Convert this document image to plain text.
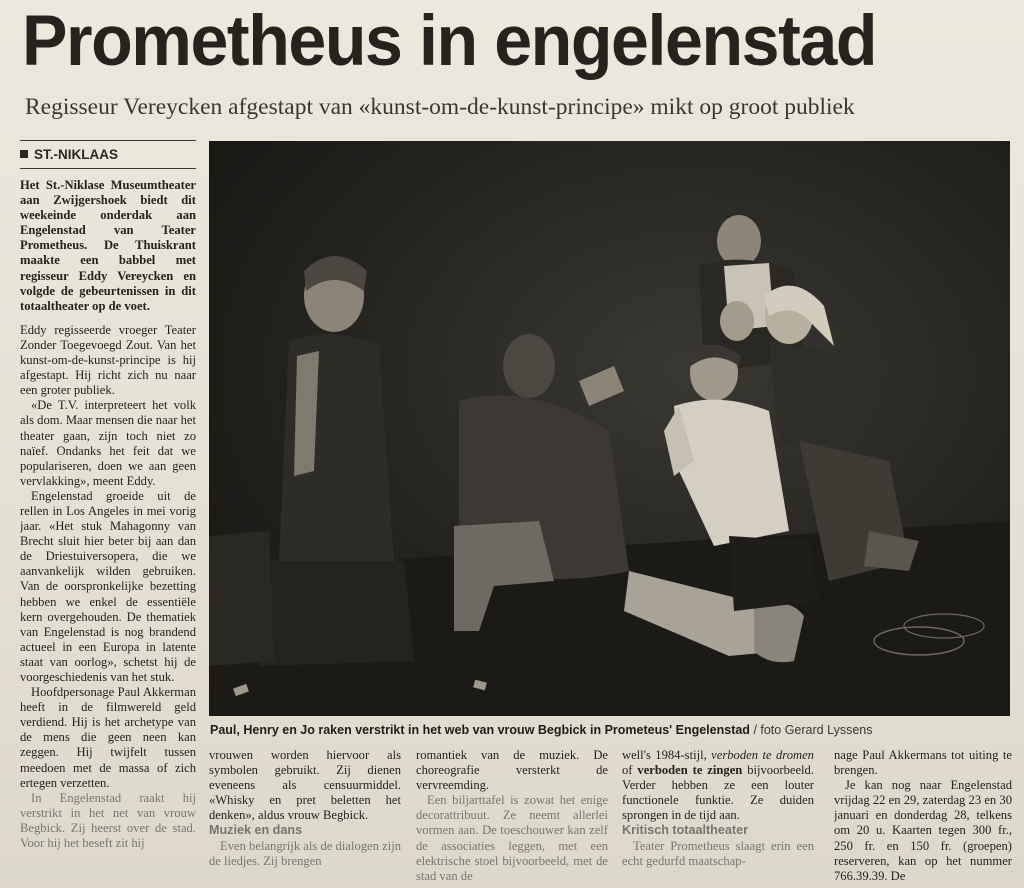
Prometheus in engelenstad
Regisseur Vereycken afgestapt van «kunst-om-de-kunst-principe» mikt op groot publiek
ST.-NIKLAAS

Het St.-Niklase Museumtheater aan Zwijgershoek biedt dit weekeinde onderdak aan Engelenstad van Teater Prometheus. De Thuiskrant maakte een babbel met regisseur Eddy Vereycken en volgde de gebeurtenissen in dit totaaltheater op de voet.

Eddy regisseerde vroeger Teater Zonder Toegevoegd Zout. Van het kunst-om-de-kunst-principe is hij afgestapt. Hij richt zich nu naar een groter publiek.

«De T.V. interpreteert het volk als dom. Maar mensen die naar het theater gaan, zijn toch niet zo naïef. Ondanks het feit dat we populariseren, doen we aan geen vervlakking», meent Eddy.

Engelenstad groeide uit de rellen in Los Angeles in mei vorig jaar. «Het stuk Mahagonny van Brecht sluit hier beter bij aan dan de Driestuiversopera, die we aanvankelijk wilden gebruiken. Van de oorspronkelijke bezetting hebben we enkel de essentiële kern overgehouden. De thematiek van Engelenstad is nog brandend actueel in een Europa in latente staat van oorlog», schetst hij de voorgeschiedenis van het stuk.

Hoofdpersonage Paul Akkerman heeft in de filmwereld geld verdiend. Hij is het archetype van de mens die geen neen kan zeggen. Hij twijfelt tussen meedoen met de massa of zich ertegen verzetten.

In Engelenstad raakt hij verstrikt in het net van vrouw Begbick. Zij heerst over de stad. Voor hij het beseft zit hij

Paul, Henry en Jo raken verstrikt in het web van vrouw Begbick in Prometeus' Engelenstad / foto Gerard Lyssens

vrouwen worden hiervoor als symbolen gebruikt. Zij dienen eveneens als censuurmiddel. «Whisky en pret beletten het denken», aldus vrouw Begbick.

Muziek en dans

Even belangrijk als de dialogen zijn de liedjes. Zij brengen

romantiek van de muziek. De choreografie versterkt de vervreemding.

Een biljarttafel is zowat het enige decorattribuut. Ze neemt allerlei vormen aan. De toeschouwer kan zelf de associaties leggen, met een elektrische stoel bijvoorbeeld, met de stad van de

well's 1984-stijl, verboden te dromen of verboden te zingen bijvoorbeeld. Verder hebben ze een louter functionele funktie. Ze duiden sprongen in de tijd aan.

Kritisch totaaltheater

Teater Prometheus slaagt erin een echt gedurfd maatschap-

nage Paul Akkermans tot uiting te brengen.

Je kan nog naar Engelenstad vrijdag 22 en 29, zaterdag 23 en 30 januari en donderdag 28, telkens om 20 u. Kaarten tegen 300 fr., 250 fr. en 150 fr. (groepen) reserveren, kan op het nummer 766.39.39. De
